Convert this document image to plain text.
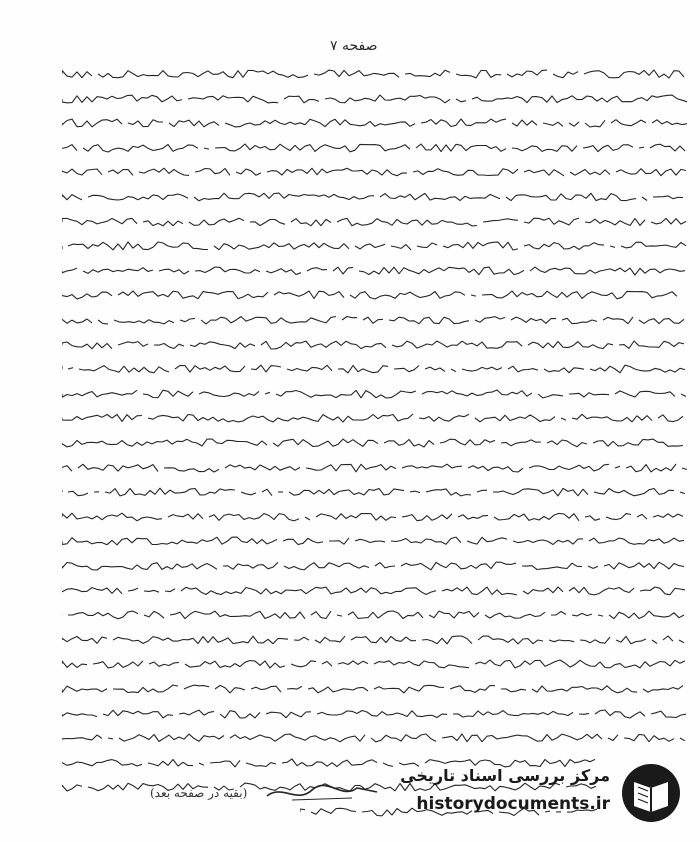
صفحه ۷
(بقیه در صفحه بعد)
مرکز بررسی اسناد تاریخی
historydocuments.ir
